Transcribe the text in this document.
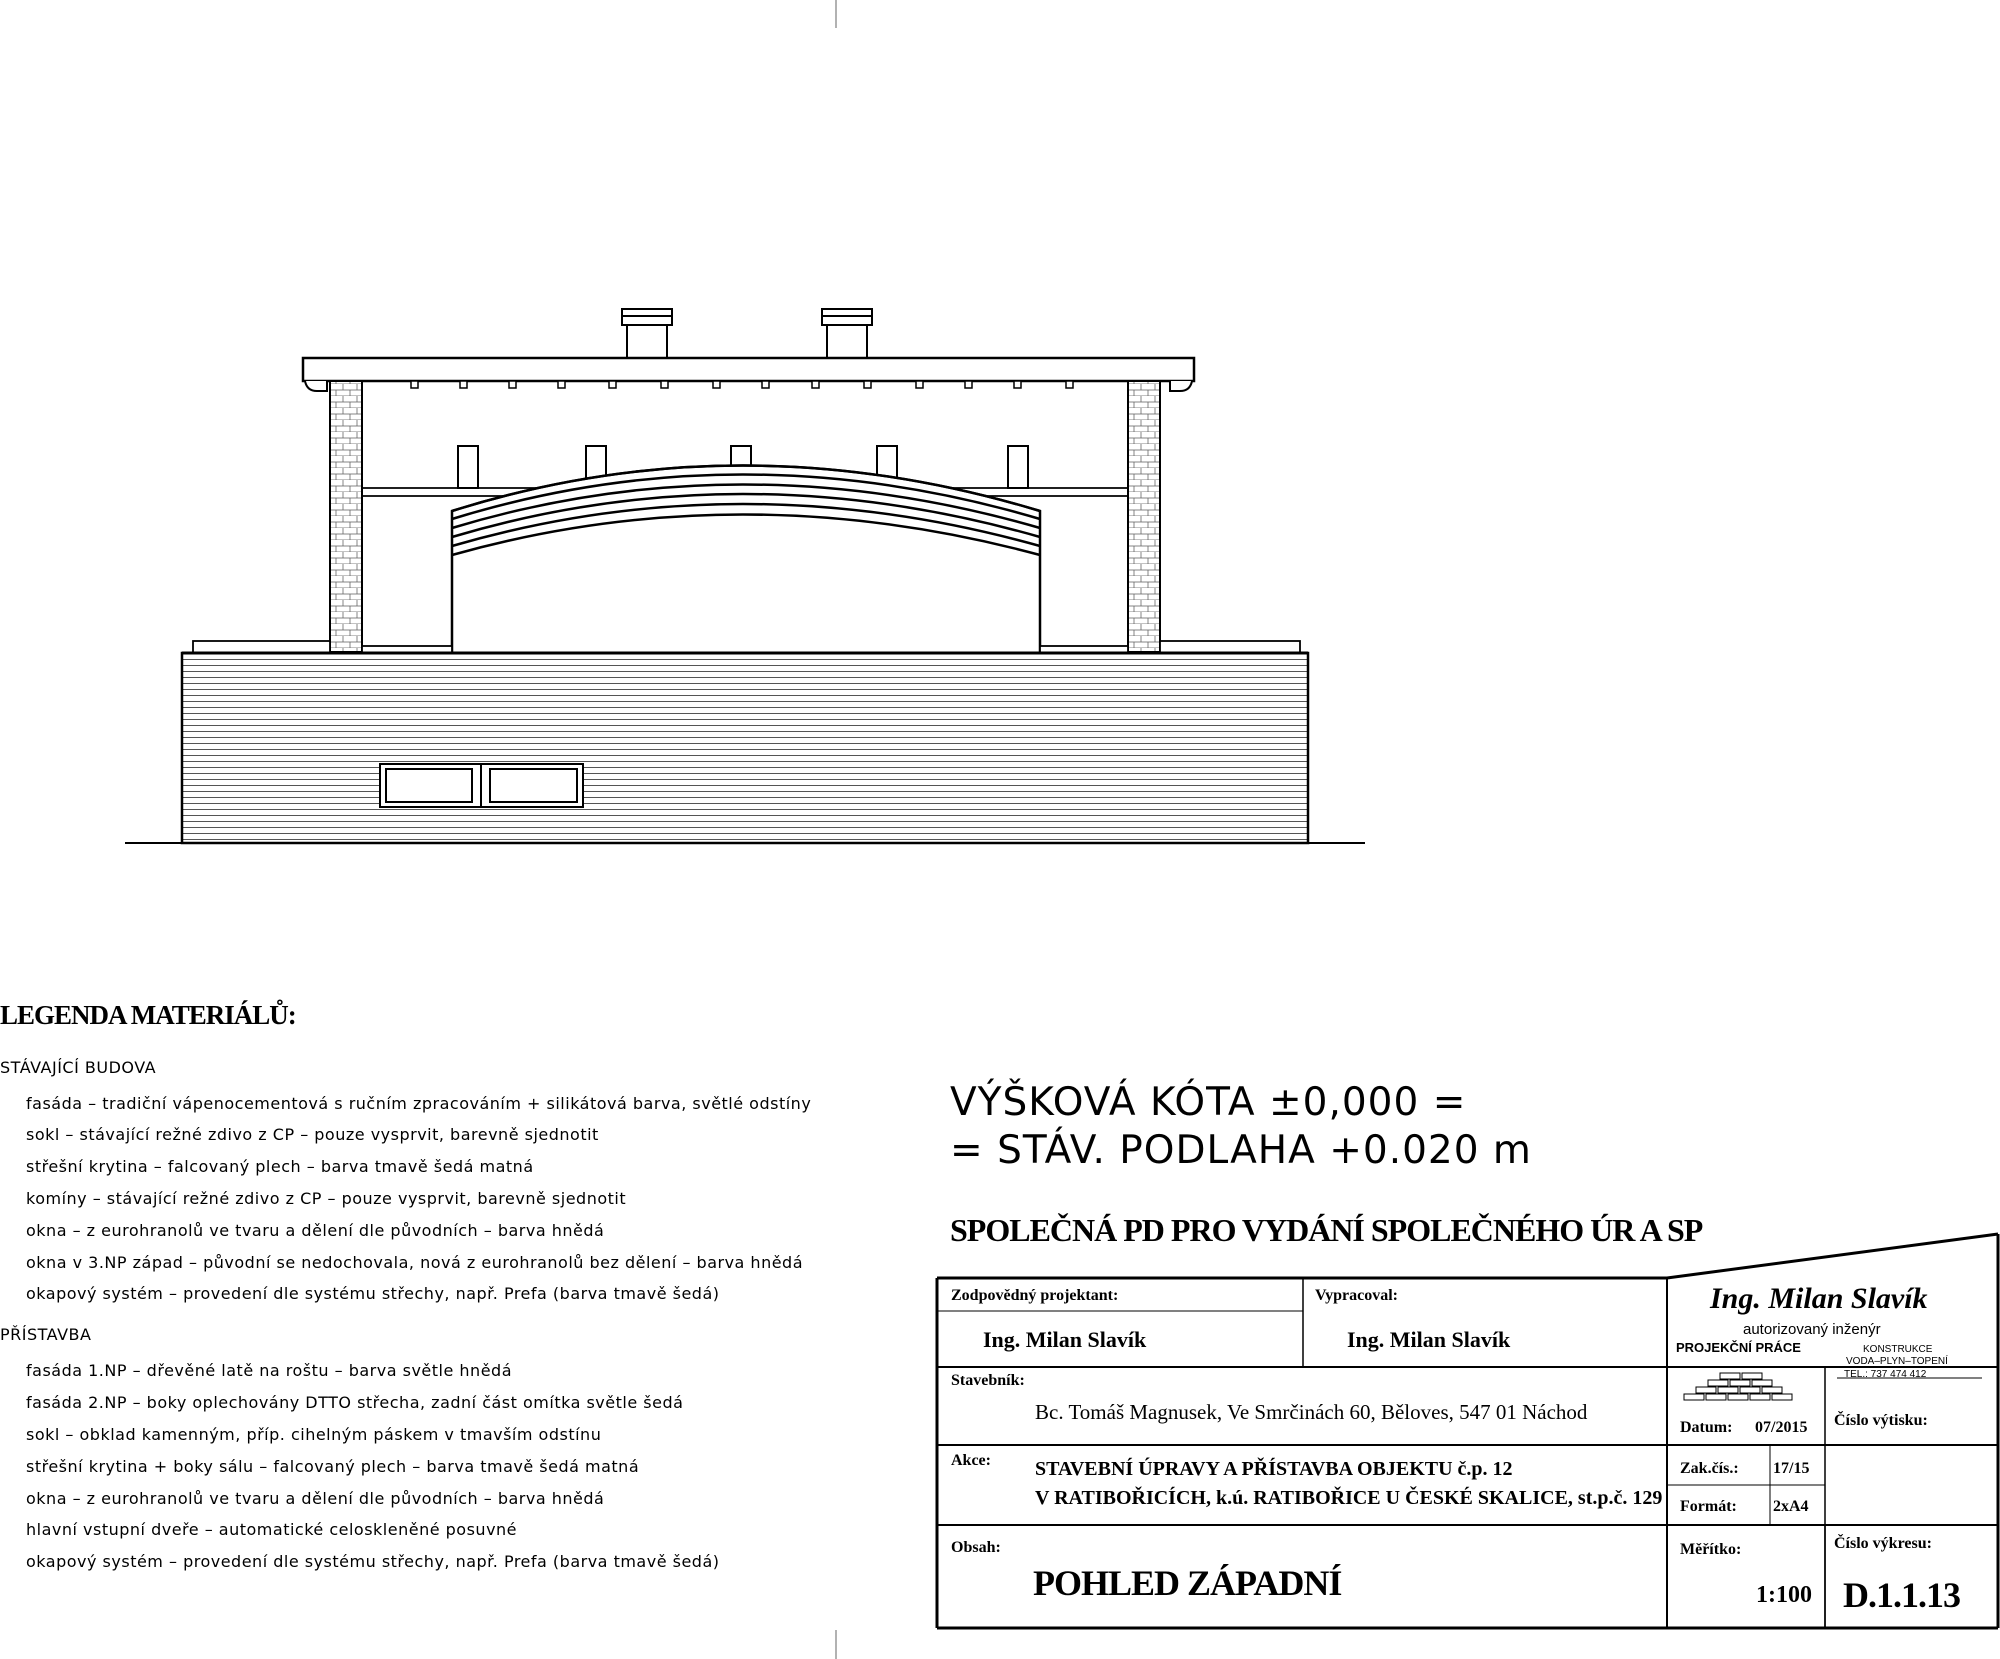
LEGENDA MATERIÁLŮ:
STÁVAJÍCÍ BUDOVA
fasáda – tradiční vápenocementová s ručním zpracováním + silikátová barva, světlé odstíny
sokl – stávající režné zdivo z CP – pouze vysprvit, barevně sjednotit
střešní krytina – falcovaný plech – barva tmavě šedá matná
komíny – stávající režné zdivo z CP – pouze vysprvit, barevně sjednotit
okna – z eurohranolů ve tvaru a dělení dle původních – barva hnědá
okna v 3.NP západ – původní se nedochovala, nová z eurohranolů bez dělení – barva hnědá
okapový systém – provedení dle systému střechy, např. Prefa (barva tmavě šedá)
PŘÍSTAVBA
fasáda 1.NP – dřevěné latě na roštu – barva světle hnědá
fasáda 2.NP – boky oplechovány DTTO střecha, zadní část omítka světle šedá
sokl – obklad kamenným, příp. cihelným páskem v tmavším odstínu
střešní krytina + boky sálu – falcovaný plech – barva tmavě šedá matná
okna – z eurohranolů ve tvaru a dělení dle původních – barva hnědá
hlavní vstupní dveře – automatické celoskleněné posuvné
okapový systém – provedení dle systému střechy, např. Prefa (barva tmavě šedá)
VÝŠKOVÁ KÓTA ±0,000 =
= STÁV. PODLAHA +0.020 m
SPOLEČNÁ PD PRO VYDÁNÍ SPOLEČNÉHO ÚR A SP
Zodpovědný projektant:
Ing. Milan Slavík
Vypracoval:
Ing. Milan Slavík
Stavebník:
Bc. Tomáš Magnusek, Ve Smrčinách 60, Běloves, 547 01 Náchod
Akce: STAVEBNÍ ÚPRAVY A PŘÍSTAVBA OBJEKTU č.p. 12
V RATIBOŘICÍCH, k.ú. RATIBOŘICE U ČESKÉ SKALICE, st.p.č. 129
Obsah:
POHLED ZÁPADNÍ
Ing. Milan Slavík
autorizovaný inženýr
PROJEKČNÍ PRÁCE	KONSTRUKCE
VODA–PLYN–TOPENÍ
TEL.: 737 474 412
Datum: 07/2015 Číslo výtisku:
Zak.čís.: 17/15
Formát: 2xA4
Měřítko:
1:100
Číslo výkresu:
D.1.1.13
